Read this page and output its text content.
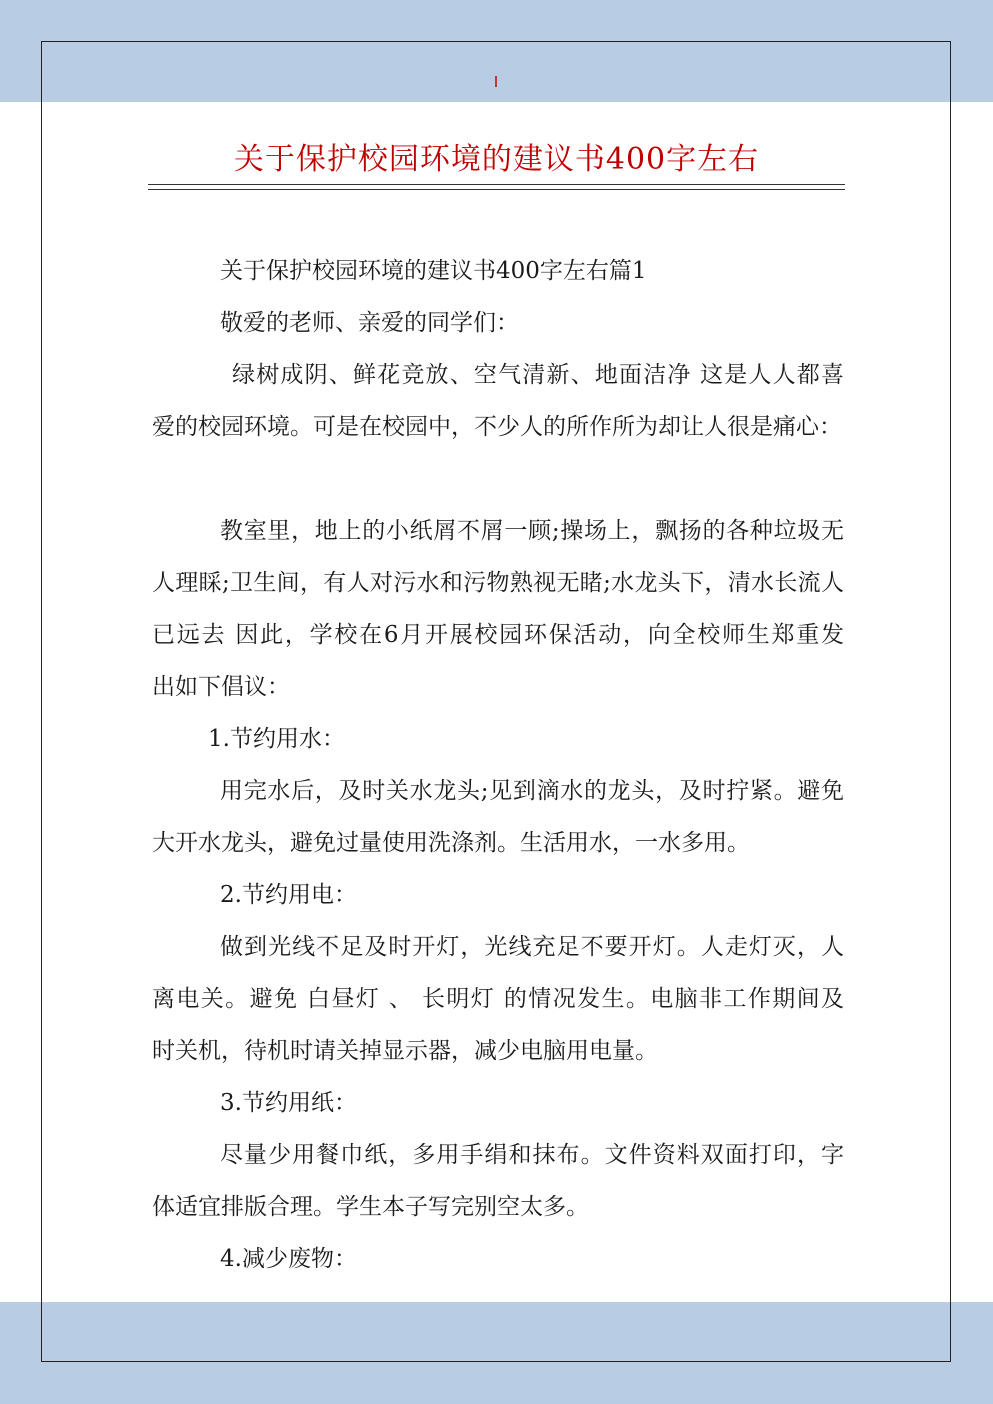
关于保护校园环境的建议书400字左右
关于保护校园环境的建议书400字左右篇1
敬爱的老师、亲爱的同学们：
绿树成阴、鲜花竞放、空气清新、地面洁净 这是人人都喜
爱的校园环境。可是在校园中，不少人的所作所为却让人很是痛心：
教室里，地上的小纸屑不屑一顾;操场上，飘扬的各种垃圾无
人理睬;卫生间，有人对污水和污物熟视无睹;水龙头下，清水长流人
已远去 因此，学校在6月开展校园环保活动，向全校师生郑重发
出如下倡议：
1.节约用水：
用完水后，及时关水龙头;见到滴水的龙头，及时拧紧。避免
大开水龙头，避免过量使用洗涤剂。生活用水，一水多用。
2.节约用电：
做到光线不足及时开灯，光线充足不要开灯。人走灯灭，人
离电关。避免 白昼灯 、 长明灯 的情况发生。电脑非工作期间及
时关机，待机时请关掉显示器，减少电脑用电量。
3.节约用纸：
尽量少用餐巾纸，多用手绢和抹布。文件资料双面打印，字
体适宜排版合理。学生本子写完别空太多。
4.减少废物：
